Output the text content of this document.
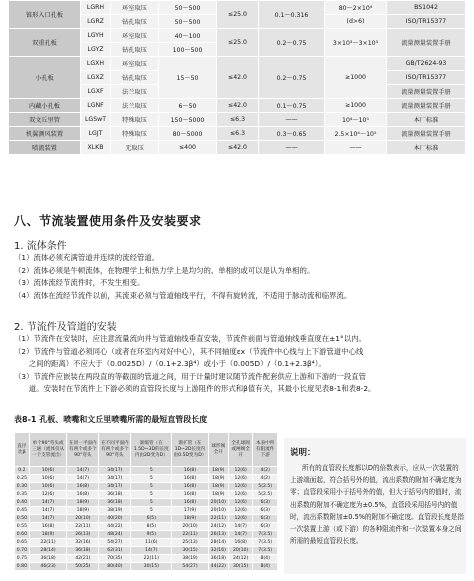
锥形入口孔板	LGRH	环室取压	50～500	≤25.0	0.1～0.316	80～2×10⁴	BS1042
	LGRZ	钻孔取压	50～500			(d>6)	ISO/TR15377
双重孔板	LGYH	环室取压	40～100	≤25.0	0.2～0.75	3×10³～3×10⁵	流量测量装置手册
	LGYZ	钻孔取压	100～500				
小孔板	LGXH	环室取压	15～50	≤42.0	0.2～0.75	≥1000	GB/T2624-93
	LGXZ	钻孔取压					ISO/TR15377
	LGXF	法兰取压					流量测量装置手册
内藏小孔板	LGNF	法兰取压	6～50	≤42.0	0.1～0.75	≥1000	流量测量装置手册
双文丘里管	LGSwT	特殊取压	150～5000	≤6.3	——	10⁴～10⁵	本厂标准
机翼测风装置	LGJT	特殊取压	80～5000	≤6.3	0.3～0.65	2.5×10⁴～10⁵	流量测量装置手册
喷流装置	XLKB	无取压	≤400	≤42.0	——	——	本厂标准
八、节流装置使用条件及安装要求
1. 流体条件
（1）流体必须充满管道并连续的流经管道。
（2）流体必须是牛顿流体，在物理学上和热力学上是均匀的、单相的或可以是认为单相的。
（3）流体流经节流件时，不发生相变。
（4）流体在流经节流件以前，其流束必须与管道轴线平行，不得有旋转流，不适用于脉动流和临界流。
2. 节流件及管道的安装
（1）节流件在安装时，应注意流量流向并与管道轴线垂直安装，节流件前面与管道轴线垂直度在±1°以内。
（2）节流件与管道必须同心（或者在环室内对好中心），其不同轴度εx（节流件中心线与上下游管道中心线
　　之间的距离）不应大于（0.0025D）/（0.1+2.3β⁴）或小于（0.005D）/（0.1+2.3β⁴）。
（3）节流件应嵌装在两段直的等截面的管道之间，用于计量时建议随节流件配套供应上游和下游的一段直管
　　道。安装时在节流件上下游必须的直管段长度与上游阻件的形式和β值有关，其最小长度见表8-1和表8-2。
表8-1 孔板、喷嘴和文丘里喷嘴所需的最短直管段长度
直径比β	单个90°弯头或三通（流体仅从一个支管流出）	在同一平面内有两个或多个90°弯头	在不同平面内有两个或多个90°弯头	渐缩管（在1.5D~3D的长度内由2D变为D）	渐扩管（在1D~2D长度内由0.5D变为D）	球形阀全开	全孔球阀或闸阀全开	本表中所有阻流件下游
0.2	10(6)	14(7)	34(17)	5	16(8)	18(9)	12(6)	4(2)
0.25	10(6)	14(7)	34(17)	5	16(8)	18(9)	12(6)	4(2)
0.30	10(6)	16(8)	34(17)	5	16(8)	18(9)	12(6)	5(2.5)
0.35	12(6)	16(8)	36(18)	5	16(8)	18(9)	12(6)	5(2.5)
0.40	14(7)	18(9)	36(18)	5	16(8)	20(10)	12(6)	6(3)
0.45	14(7)	18(9)	38(19)	5	17(9)	20(10)	12(6)	6(3)
0.50	14(7)	20(10)	40(20)	6(5)	18(9)	22(11)	12(6)	6(3)
0.55	16(8)	22(11)	44(22)	8(5)	20(10)	24(12)	14(7)	6(3)
0.60	18(9)	26(13)	48(24)	9(5)	22(11)	26(13)	14(7)	7(3.5)
0.65	22(11)	32(16)	54(27)	11(6)	25(13)	28(14)	16(8)	7(3.5)
0.70	28(14)	36(18)	62(31)	14(7)	30(15)	32(16)	20(10)	7(3.5)
0.75	36(18)	42(21)	70(35)	22(11)	38(19)	36(18)	24(12)	8(4)
0.80	46(23)	50(25)	80(40)	30(15)	54(27)	44(22)	30(15)	8(4)
说明：
所有的直管段长度都以D的倍数表示，应从一次装置的上游端面起，符合括号外的值，流出系数的附加不确定度为零；直管段采用小于括号外的值，但大于括号内的值时，流出系数的附加不确定度为±0.5%，直管段采用括号内的值时，流出系数附加±0.5%的附加不确定度。直管段长度是指一次装置上游（或下游）的各种阻流件和一次装置本身之间所需的最短直管段长度。
